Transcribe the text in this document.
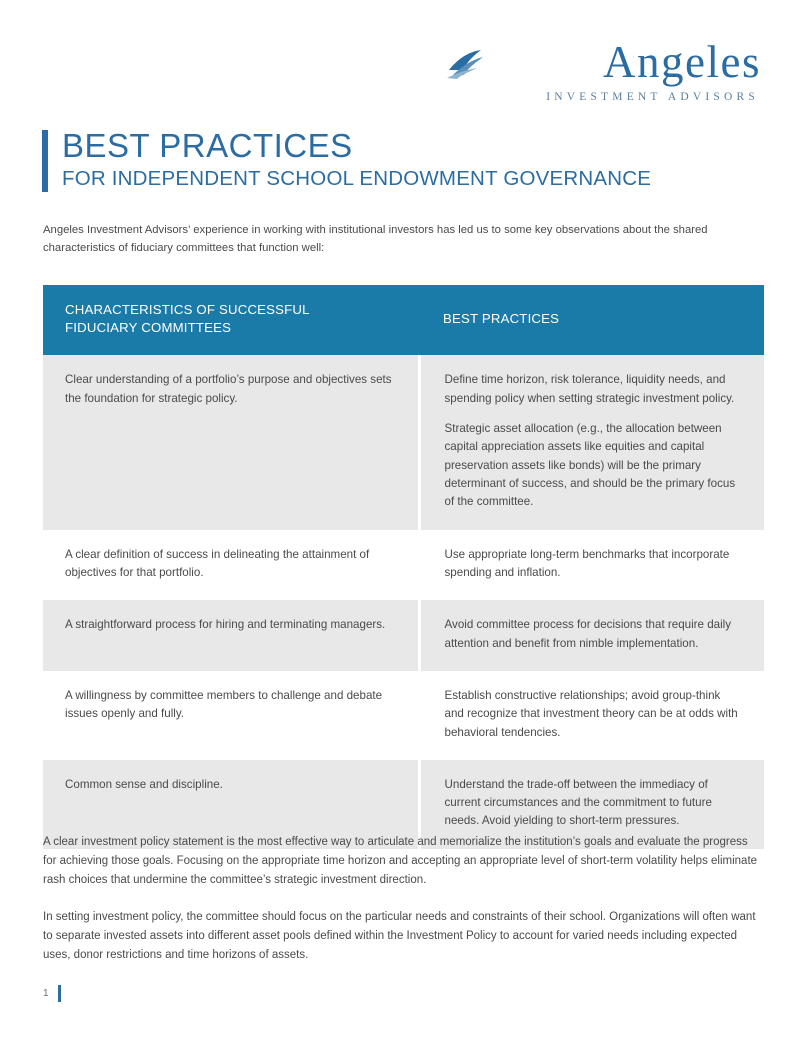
Angeles
INVESTMENT ADVISORS
BEST PRACTICES
FOR INDEPENDENT SCHOOL ENDOWMENT GOVERNANCE
Angeles Investment Advisors’ experience in working with institutional investors has led us to some key observations about the shared characteristics of fiduciary committees that function well:
CHARACTERISTICS OF SUCCESSFUL
FIDUCIARY COMMITTEES	BEST PRACTICES
Clear understanding of a portfolio’s purpose and objectives sets the foundation for strategic policy.	Define time horizon, risk tolerance, liquidity needs, and spending policy when setting strategic investment policy.

Strategic asset allocation (e.g., the allocation between capital appreciation assets like equities and capital preservation assets like bonds) will be the primary determinant of success, and should be the primary focus of the committee.

A clear definition of success in delineating the attainment of objectives for that portfolio.	Use appropriate long-term benchmarks that incorporate spending and inflation.

A straightforward process for hiring and terminating managers.	Avoid committee process for decisions that require daily attention and benefit from nimble implementation.

A willingness by committee members to challenge and debate issues openly and fully.	Establish constructive relationships; avoid group-think and recognize that investment theory can be at odds with behavioral tendencies.

Common sense and discipline.	Understand the trade-off between the immediacy of current circumstances and the commitment to future needs. Avoid yielding to short-term pressures.

A clear investment policy statement is the most effective way to articulate and memorialize the institution’s goals and evaluate the progress for achieving those goals. Focusing on the appropriate time horizon and accepting an appropriate level of short-term volatility helps eliminate rash choices that undermine the committee’s strategic investment direction.
In setting investment policy, the committee should focus on the particular needs and constraints of their school. Organizations will often want to separate invested assets into different asset pools defined within the Investment Policy to account for varied needs including expected uses, donor restrictions and time horizons of assets.
1
